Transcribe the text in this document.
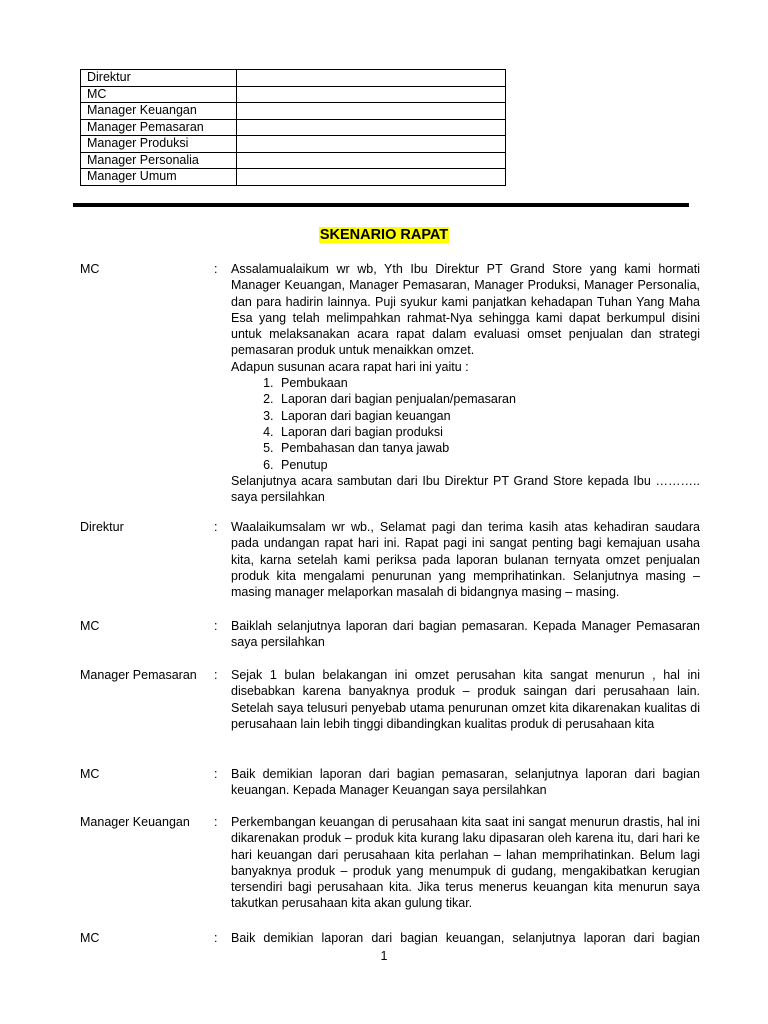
Direktur	
MC	
Manager Keuangan	
Manager Pemasaran	
Manager Produksi	
Manager Personalia	
Manager Umum	
SKENARIO RAPAT
MC	: Assalamualaikum wr wb, Yth Ibu Direktur PT Grand Store yang kami hormati Manager Keuangan, Manager Pemasaran, Manager Produksi, Manager Personalia, dan para hadirin lainnya. Puji syukur kami panjatkan kehadapan Tuhan Yang Maha Esa yang telah melimpahkan rahmat-Nya sehingga kami dapat berkumpul disini untuk melaksanakan acara rapat dalam evaluasi omset penjualan dan strategi pemasaran produk untuk menaikkan omzet.

Adapun susunan acara rapat hari ini yaitu :

1. Pembukaan
2. Laporan dari bagian penjualan/pemasaran
3. Laporan dari bagian keuangan
4. Laporan dari bagian produksi
5. Pembahasan dan tanya jawab
6. Penutup

Selanjutnya acara sambutan dari Ibu Direktur PT Grand Store kepada Ibu ……….. saya persilahkan

Direktur	: Waalaikumsalam wr wb., Selamat pagi dan terima kasih atas kehadiran saudara pada undangan rapat hari ini. Rapat pagi ini sangat penting bagi kemajuan usaha kita, karna setelah kami periksa pada laporan bulanan ternyata omzet penjualan produk kita mengalami penurunan yang memprihatinkan. Selanjutnya masing – masing manager melaporkan masalah di bidangnya masing – masing.

MC	: Baiklah selanjutnya laporan dari bagian pemasaran. Kepada Manager Pemasaran saya persilahkan

Manager Pemasaran	: Sejak 1 bulan belakangan ini omzet perusahan kita sangat menurun , hal ini disebabkan karena banyaknya produk – produk saingan dari perusahaan lain. Setelah saya telusuri penyebab utama penurunan omzet kita dikarenakan kualitas di perusahaan lain lebih tinggi dibandingkan kualitas produk di perusahaan kita

MC	: Baik demikian laporan dari bagian pemasaran, selanjutnya laporan dari bagian keuangan. Kepada Manager Keuangan saya persilahkan

Manager Keuangan	: Perkembangan keuangan di perusahaan kita saat ini sangat menurun drastis, hal ini dikarenakan produk – produk kita kurang laku dipasaran oleh karena itu, dari hari ke hari keuangan dari perusahaan kita perlahan – lahan memprihatinkan. Belum lagi banyaknya produk – produk yang menumpuk di gudang, mengakibatkan kerugian tersendiri bagi perusahaan kita. Jika terus menerus keuangan kita menurun saya takutkan perusahaan kita akan gulung tikar.

MC	: Baik demikian laporan dari bagian keuangan, selanjutnya laporan dari bagian

1
